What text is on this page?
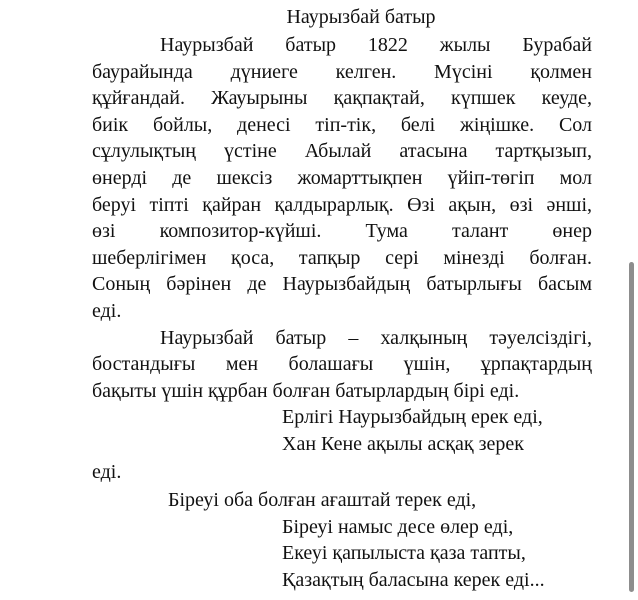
Наурызбай батыр
Наурызбай батыр 1822 жылы Бурабай
баурайында дүниеге келген. Мүсіні қолмен
құйғандай. Жауырыны қақпақтай, күпшек кеуде,
биік бойлы, денесі тіп-тік, белі жіңішке. Сол
сұлулықтың үстіне Абылай атасына тартқызып,
өнерді де шексіз жомарттықпен үйіп-төгіп мол
беруі тіпті қайран қалдырарлық. Өзі ақын, өзі әнші,
өзі композитор-күйші. Тума талант өнер
шеберлігімен қоса, тапқыр сері мінезді болған.
Соның бәрінен де Наурызбайдың батырлығы басым
еді.
Наурызбай батыр – халқының тәуелсіздігі,
бостандығы мен болашағы үшін, ұрпақтардың
бақыты үшін құрбан болған батырлардың бірі еді.
Ерлігі Наурызбайдың ерек еді,
Хан Кене ақылы асқақ зерек
еді.
Біреуі оба болған ағаштай терек еді,
Біреуі намыс десе өлер еді,
Екеуі қапылыста қаза тапты,
Қазақтың баласына керек еді...
